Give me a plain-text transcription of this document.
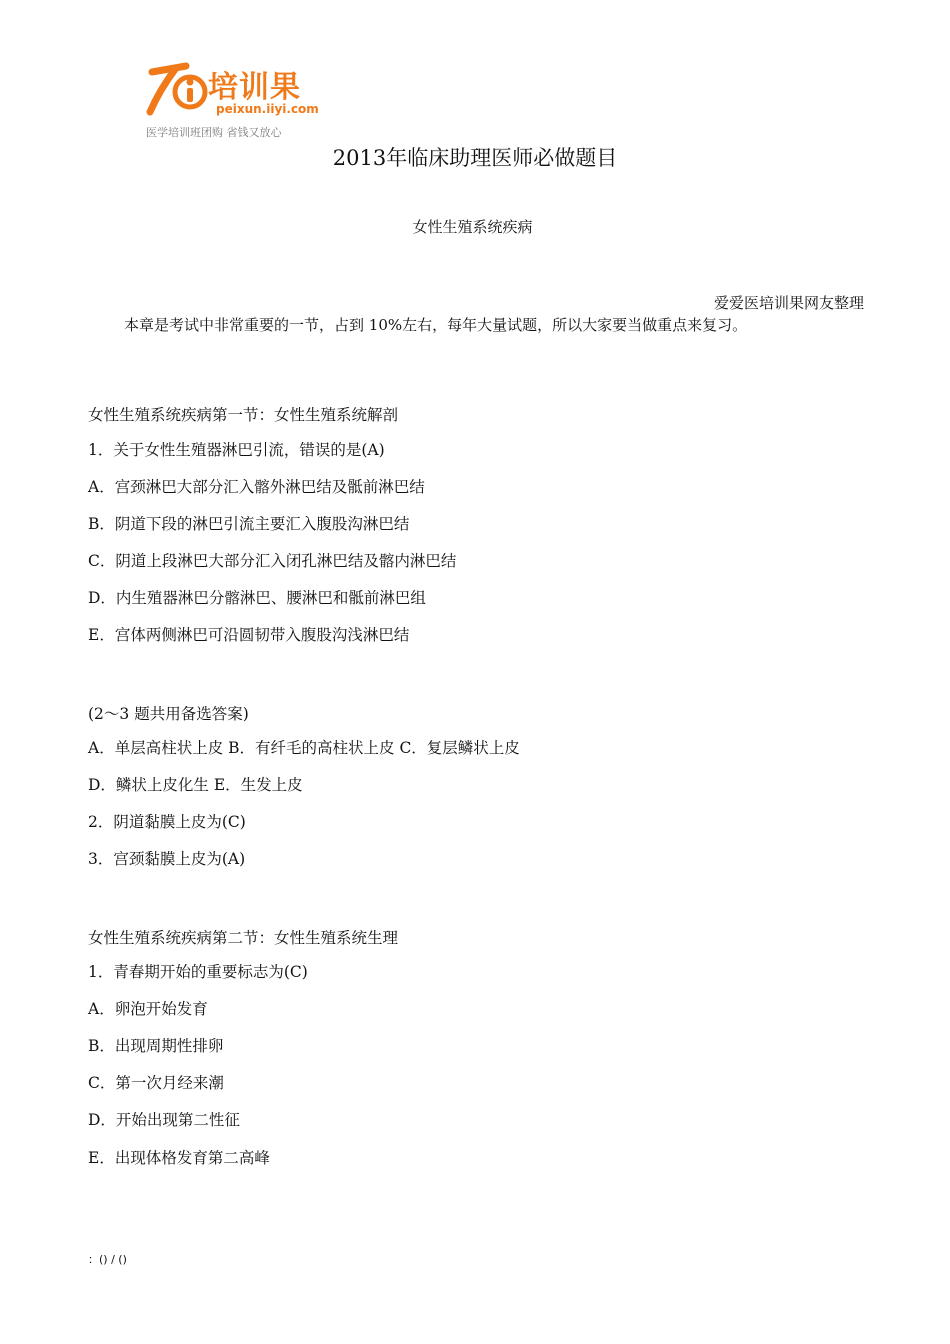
培训果
peixun.iiyi.com
医学培训班团购 省钱又放心
2013年临床助理医师必做题目
女性生殖系统疾病
爱爱医培训果网友整理
本章是考试中非常重要的一节，占到 10%左右，每年大量试题，所以大家要当做重点来复习。
女性生殖系统疾病第一节：女性生殖系统解剖
1．关于女性生殖器淋巴引流，错误的是(A)
A．宫颈淋巴大部分汇入髂外淋巴结及骶前淋巴结
B．阴道下段的淋巴引流主要汇入腹股沟淋巴结
C．阴道上段淋巴大部分汇入闭孔淋巴结及髂内淋巴结
D．内生殖器淋巴分髂淋巴、腰淋巴和骶前淋巴组
E．宫体两侧淋巴可沿圆韧带入腹股沟浅淋巴结
(2～3 题共用备选答案)
A．单层高柱状上皮 B．有纤毛的高柱状上皮 C．复层鳞状上皮
D．鳞状上皮化生 E．生发上皮
2．阴道黏膜上皮为(C)
3．宫颈黏膜上皮为(A)
女性生殖系统疾病第二节：女性生殖系统生理
1．青春期开始的重要标志为(C)
A．卵泡开始发育
B．出现周期性排卵
C．第一次月经来潮
D．开始出现第二性征
E．出现体格发育第二高峰
：() / ()
